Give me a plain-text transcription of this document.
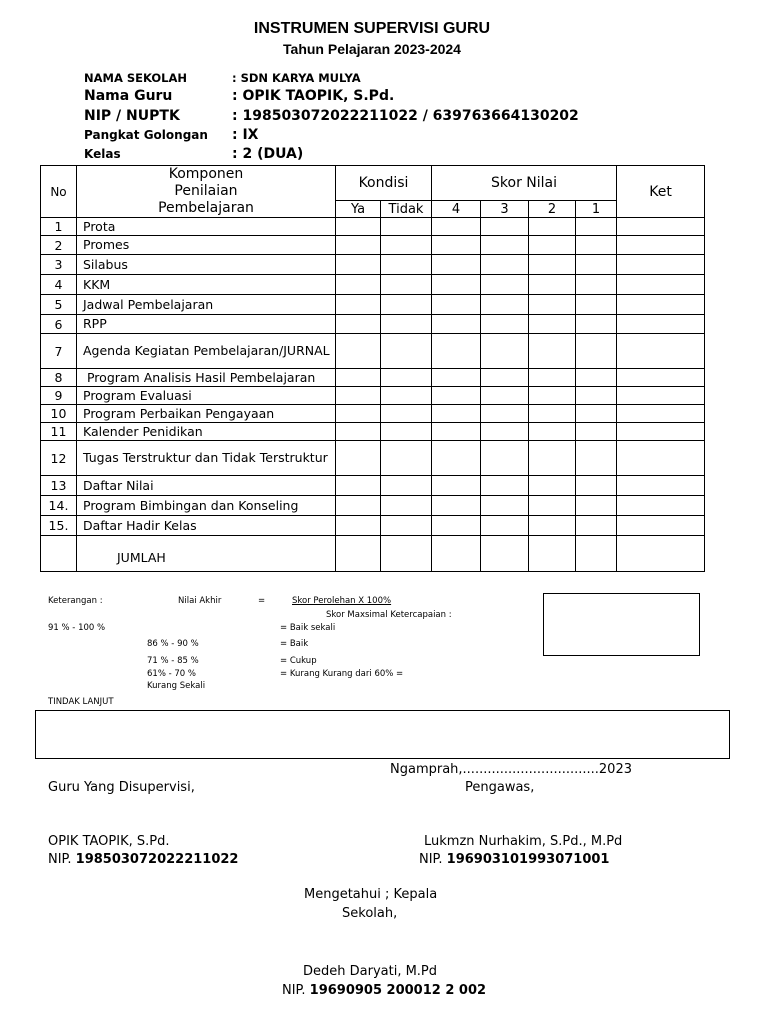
INSTRUMEN SUPERVISI GURU
Tahun Pelajaran 2023-2024
NAMA SEKOLAH	: SDN KARYA MULYA
Nama Guru	: OPIK TAOPIK, S.Pd.
NIP / NUPTK	: 198503072022211022 / 639763664130202
Pangkat Golongan : IX
Kelas	: 2 (DUA)
No	Komponen Penilaian Pembelajaran	Kondisi		Skor Nilai				Ket
		Ya	Tidak	4	3	2	1	
1	Prota							
2	Promes							
3	Silabus							
4	KKM							
5	Jadwal Pembelajaran							
6	RPP							
7	Agenda Kegiatan Pembelajaran/JURNAL							
8	Program Analisis Hasil Pembelajaran							
9	Program Evaluasi							
10	Program Perbaikan Pengayaan							
11	Kalender Penidikan							
12	Tugas Terstruktur dan Tidak Terstruktur							
13	Daftar Nilai							
14.	Program Bimbingan dan Konseling							
15.	Daftar Hadir Kelas							
	JUMLAH							
Keterangan :	Nilai Akhir	=	Skor Perolehan X 100%
Skor Maxsimal Ketercapaian :
91 % - 100 %	= Baik sekali
86 % - 90 %	= Baik
71 % - 85 %	= Cukup
61% - 70 %	= Kurang Kurang dari 60% =
Kurang Sekali
TINDAK LANJUT
Ngamprah,.................................2023
Guru Yang Disupervisi,	Pengawas,
OPIK TAOPIK, S.Pd.	Lukmzn Nurhakim, S.Pd., M.Pd
NIP. 198503072022211022	NIP. 196903101993071001
Mengetahui ; Kepala
Sekolah,
Dedeh Daryati, M.Pd
NIP. 19690905 200012 2 002
